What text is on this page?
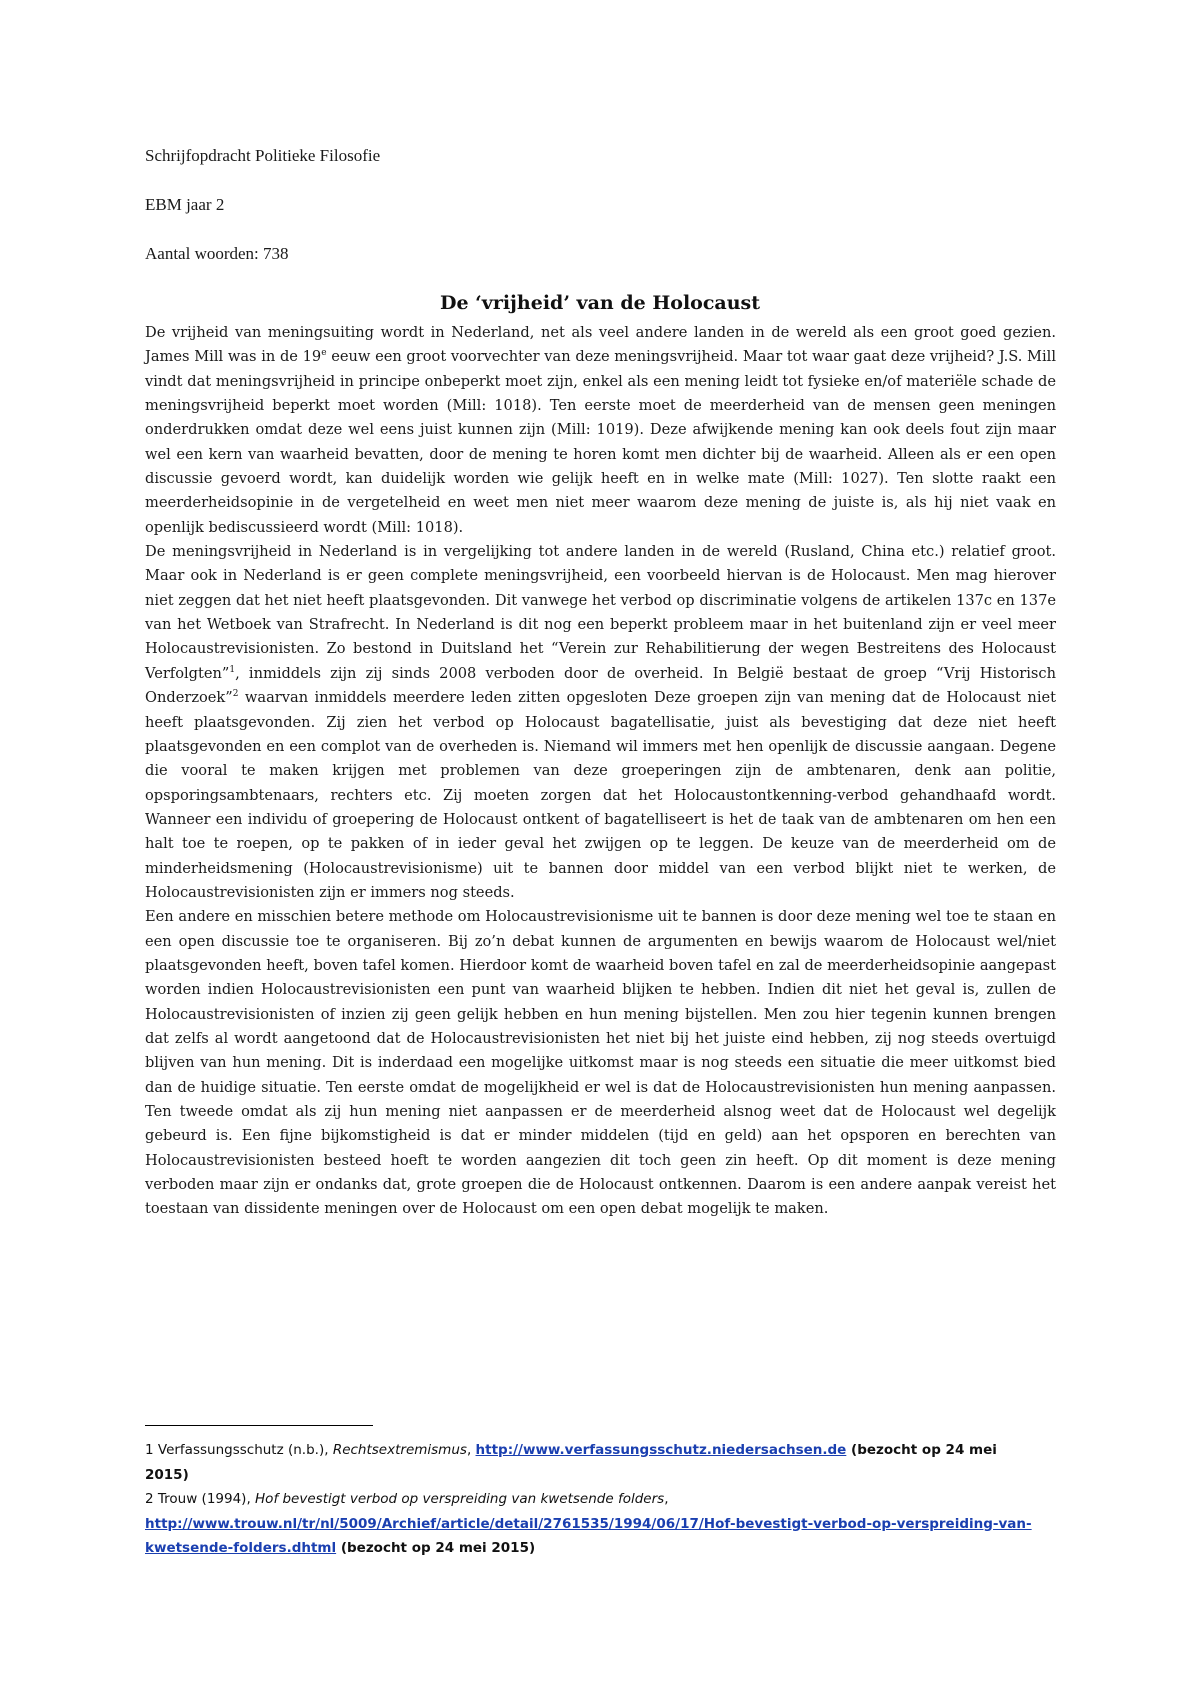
Schrijfopdracht Politieke Filosofie
EBM jaar 2
Aantal woorden: 738
De ‘vrijheid’ van de Holocaust

De vrijheid van meningsuiting wordt in Nederland, net als veel andere landen in de wereld als een groot goed gezien. James Mill was in de 19e eeuw een groot voorvechter van deze meningsvrijheid. Maar tot waar gaat deze vrijheid? J.S. Mill vindt dat meningsvrijheid in principe onbeperkt moet zijn, enkel als een mening leidt tot fysieke en/of materiële schade de meningsvrijheid beperkt moet worden (Mill: 1018). Ten eerste moet de meerderheid van de mensen geen meningen onderdrukken omdat deze wel eens juist kunnen zijn (Mill: 1019). Deze afwijkende mening kan ook deels fout zijn maar wel een kern van waarheid bevatten, door de mening te horen komt men dichter bij de waarheid. Alleen als er een open discussie gevoerd wordt, kan duidelijk worden wie gelijk heeft en in welke mate (Mill: 1027). Ten slotte raakt een meerderheidsopinie in de vergetelheid en weet men niet meer waarom deze mening de juiste is, als hij niet vaak en openlijk bediscussieerd wordt (Mill: 1018).

De meningsvrijheid in Nederland is in vergelijking tot andere landen in de wereld (Rusland, China etc.) relatief groot. Maar ook in Nederland is er geen complete meningsvrijheid, een voorbeeld hiervan is de Holocaust. Men mag hierover niet zeggen dat het niet heeft plaatsgevonden. Dit vanwege het verbod op discriminatie volgens de artikelen 137c en 137e van het Wetboek van Strafrecht. In Nederland is dit nog een beperkt probleem maar in het buitenland zijn er veel meer Holocaustrevisionisten. Zo bestond in Duitsland het “Verein zur Rehabilitierung der wegen Bestreitens des Holocaust Verfolgten”$^1$, inmiddels zijn zij sinds 2008 verboden door de overheid. In België bestaat de groep “Vrij Historisch Onderzoek”$^2$ waarvan inmiddels meerdere leden zitten opgesloten Deze groepen zijn van mening dat de Holocaust niet heeft plaatsgevonden. Zij zien het verbod op Holocaust bagatellisatie, juist als bevestiging dat deze niet heeft plaatsgevonden en een complot van de overheden is. Niemand wil immers met hen openlijk de discussie aangaan. Degene die vooral te maken krijgen met problemen van deze groeperingen zijn de ambtenaren, denk aan politie, opsporingsambtenaars, rechters etc. Zij moeten zorgen dat het Holocaustontkenning-verbod gehandhaafd wordt. Wanneer een individu of groepering de Holocaust ontkent of bagatelliseert is het de taak van de ambtenaren om hen een halt toe te roepen, op te pakken of in ieder geval het zwijgen op te leggen. De keuze van de meerderheid om de minderheidsmening (Holocaustrevisionisme) uit te bannen door middel van een verbod blijkt niet te werken, de Holocaustrevisionisten zijn er immers nog steeds.

Een andere en misschien betere methode om Holocaustrevisionisme uit te bannen is door deze mening wel toe te staan en een open discussie toe te organiseren. Bij zo’n debat kunnen de argumenten en bewijs waarom de Holocaust wel/niet plaatsgevonden heeft, boven tafel komen. Hierdoor komt de waarheid boven tafel en zal de meerderheidsopinie aangepast worden indien Holocaustrevisionisten een punt van waarheid blijken te hebben. Indien dit niet het geval is, zullen de Holocaustrevisionisten of inzien zij geen gelijk hebben en hun mening bijstellen. Men zou hier tegenin kunnen brengen dat zelfs al wordt aangetoond dat de Holocaustrevisionisten het niet bij het juiste eind hebben, zij nog steeds overtuigd blijven van hun mening. Dit is inderdaad een mogelijke uitkomst maar is nog steeds een situatie die meer uitkomst bied dan de huidige situatie. Ten eerste omdat de mogelijkheid er wel is dat de Holocaustrevisionisten hun mening aanpassen. Ten tweede omdat als zij hun mening niet aanpassen er de meerderheid alsnog weet dat de Holocaust wel degelijk gebeurd is. Een fijne bijkomstigheid is dat er minder middelen (tijd en geld) aan het opsporen en berechten van Holocaustrevisionisten besteed hoeft te worden aangezien dit toch geen zin heeft. Op dit moment is deze mening verboden maar zijn er ondanks dat, grote groepen die de Holocaust ontkennen. Daarom is een andere aanpak vereist het toestaan van dissidente meningen over de Holocaust om een open debat mogelijk te maken.

1 Verfassungsschutz (n.b.), Rechtsextremismus, http://www.verfassungsschutz.niedersachsen.de (bezocht op 24 mei 2015)

2 Trouw (1994), Hof bevestigt verbod op verspreiding van kwetsende folders,
http://www.trouw.nl/tr/nl/5009/Archief/article/detail/2761535/1994/06/17/Hof-bevestigt-verbod-op-verspreiding-van-kwetsende-folders.dhtml (bezocht op 24 mei 2015)
